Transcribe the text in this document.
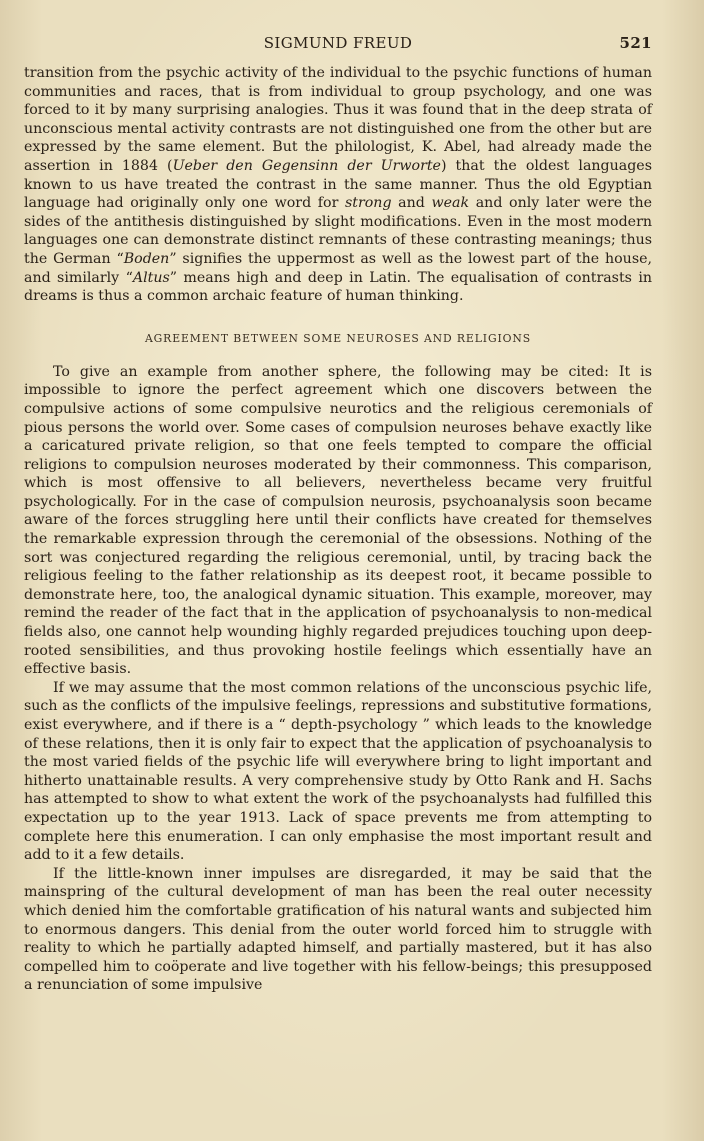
SIGMUND FREUD	521

transition from the psychic activity of the individual to the psychic functions of human communities and races, that is from individual to group psychology, and one was forced to it by many surprising analogies. Thus it was found that in the deep strata of unconscious mental activity contrasts are not distinguished one from the other but are expressed by the same element. But the philologist, K. Abel, had already made the assertion in 1884 (Ueber den Gegensinn der Urworte) that the oldest languages known to us have treated the contrast in the same manner. Thus the old Egyptian language had originally only one word for strong and weak and only later were the sides of the antithesis distinguished by slight modifications. Even in the most modern languages one can demonstrate distinct remnants of these contrasting meanings; thus the German “Boden” signifies the uppermost as well as the lowest part of the house, and similarly “Altus” means high and deep in Latin. The equalisation of contrasts in dreams is thus a common archaic feature of human thinking.

AGREEMENT BETWEEN SOME NEUROSES AND RELIGIONS

To give an example from another sphere, the following may be cited: It is impossible to ignore the perfect agreement which one discovers between the compulsive actions of some compulsive neurotics and the religious ceremonials of pious persons the world over. Some cases of compulsion neuroses behave exactly like a caricatured private religion, so that one feels tempted to compare the official religions to compulsion neuroses moderated by their commonness. This comparison, which is most offensive to all believers, nevertheless became very fruitful psychologically. For in the case of compulsion neurosis, psychoanalysis soon became aware of the forces struggling here until their conflicts have created for themselves the remarkable expression through the ceremonial of the obsessions. Nothing of the sort was conjectured regarding the religious ceremonial, until, by tracing back the religious feeling to the father relationship as its deepest root, it became possible to demonstrate here, too, the analogical dynamic situation. This example, moreover, may remind the reader of the fact that in the application of psychoanalysis to non-medical fields also, one cannot help wounding highly regarded prejudices touching upon deep-rooted sensibilities, and thus provoking hostile feelings which essentially have an effective basis.

If we may assume that the most common relations of the unconscious psychic life, such as the conflicts of the impulsive feelings, repressions and substitutive formations, exist everywhere, and if there is a “ depth-psychology ” which leads to the knowledge of these relations, then it is only fair to expect that the application of psychoanalysis to the most varied fields of the psychic life will everywhere bring to light important and hitherto unattainable results. A very comprehensive study by Otto Rank and H. Sachs has attempted to show to what extent the work of the psychoanalysts had fulfilled this expectation up to the year 1913. Lack of space prevents me from attempting to complete here this enumeration. I can only emphasise the most important result and add to it a few details.

If the little-known inner impulses are disregarded, it may be said that the mainspring of the cultural development of man has been the real outer necessity which denied him the comfortable gratification of his natural wants and subjected him to enormous dangers. This denial from the outer world forced him to struggle with reality to which he partially adapted himself, and partially mastered, but it has also compelled him to coöperate and live together with his fellow-beings; this presupposed a renunciation of some impulsive
